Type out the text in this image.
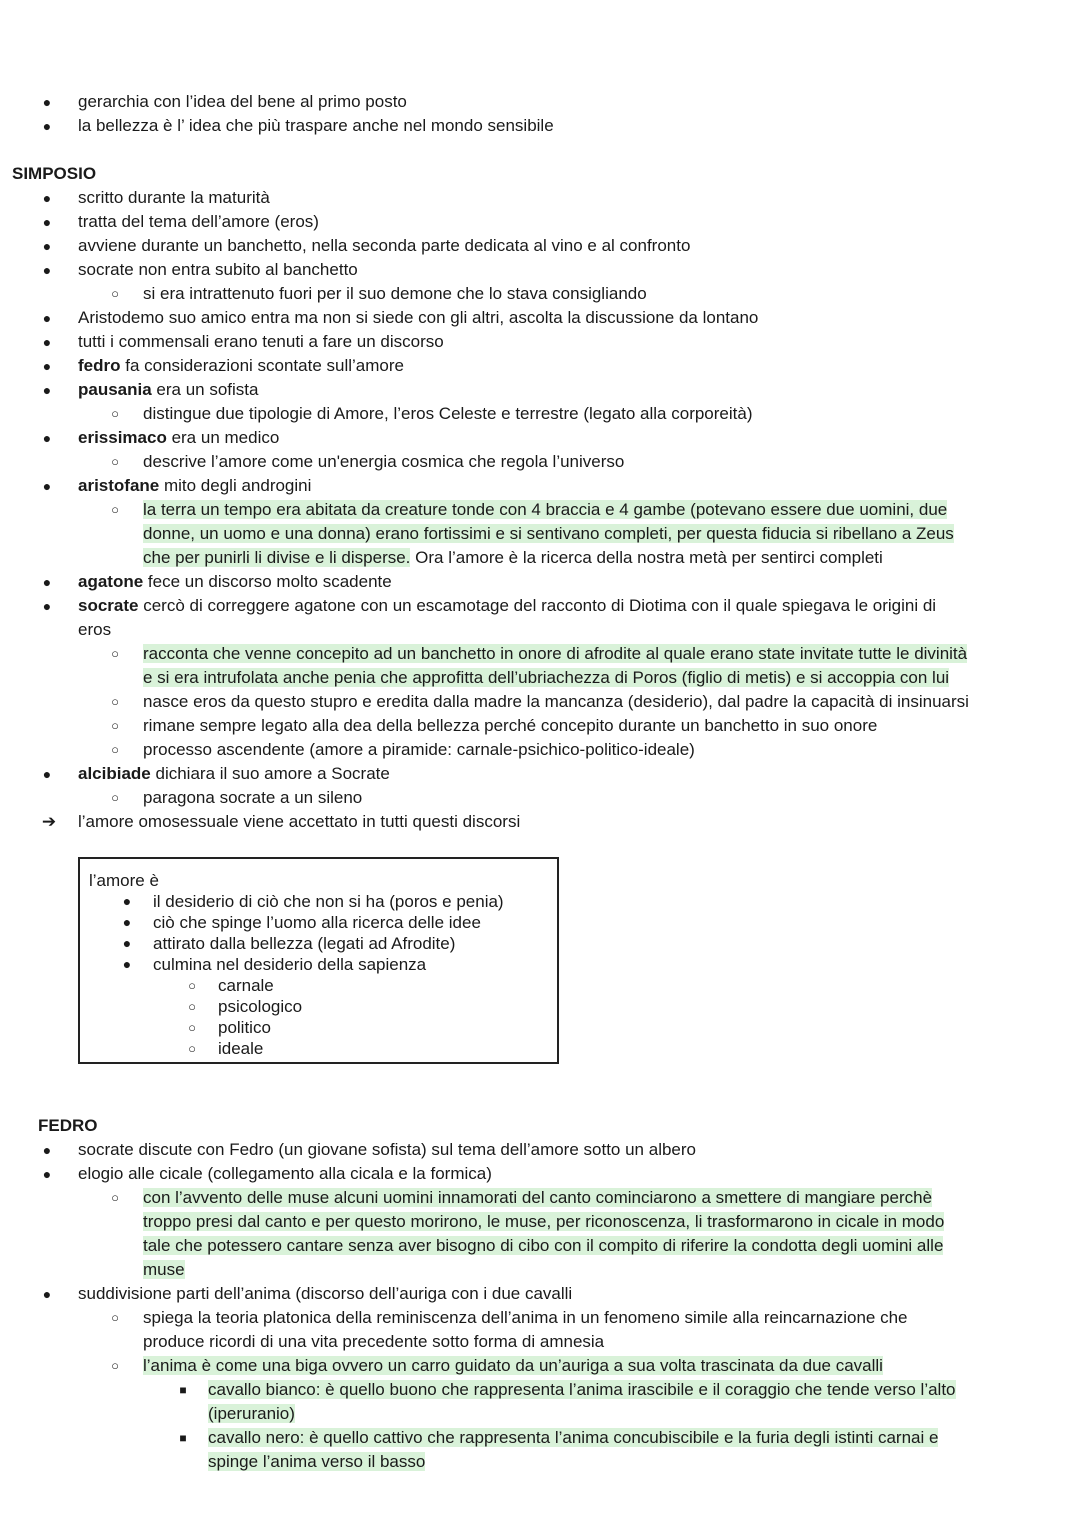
●	gerarchia con l’idea del bene al primo posto
●	la bellezza è l’ idea che più traspare anche nel mondo sensibile
SIMPOSIO
●	scritto durante la maturità
●	tratta del tema dell’amore (eros)
●	avviene durante un banchetto, nella seconda parte dedicata al vino e al confronto
●	socrate non entra subito al banchetto
○	si era intrattenuto fuori per il suo demone che lo stava consigliando
●	Aristodemo suo amico entra ma non si siede con gli altri, ascolta la discussione da lontano
●	tutti i commensali erano tenuti a fare un discorso
●	fedro fa considerazioni scontate sull’amore
●	pausania era un sofista
○	distingue due tipologie di Amore, l’eros Celeste e terrestre (legato alla corporeità)
●	erissimaco era un medico
○	descrive l’amore come un'energia cosmica che regola l’universo
●	aristofane mito degli androgini
○	la terra un tempo era abitata da creature tonde con 4 braccia e 4 gambe (potevano essere due uomini, due
donne, un uomo e una donna) erano fortissimi e si sentivano completi, per questa fiducia si ribellano a Zeus
che per punirli li divise e li disperse. Ora l’amore è la ricerca della nostra metà per sentirci completi
●	agatone fece un discorso molto scadente
●	socrate cercò di correggere agatone con un escamotage del racconto di Diotima con il quale spiegava le origini di
eros
○	racconta che venne concepito ad un banchetto in onore di afrodite al quale erano state invitate tutte le divinità
e si era intrufolata anche penia che approfitta dell’ubriachezza di Poros (figlio di metis) e si accoppia con lui
○	nasce eros da questo stupro e eredita dalla madre la mancanza (desiderio), dal padre la capacità di insinuarsi
○	rimane sempre legato alla dea della bellezza perché concepito durante un banchetto in suo onore
○	processo ascendente (amore a piramide: carnale-psichico-politico-ideale)
●	alcibiade dichiara il suo amore a Socrate
○	paragona socrate a un sileno
➔	l’amore omosessuale viene accettato in tutti questi discorsi
l’amore è
●	il desiderio di ciò che non si ha (poros e penia)
●	ciò che spinge l’uomo alla ricerca delle idee
●	attirato dalla bellezza (legati ad Afrodite)
●	culmina nel desiderio della sapienza
○	carnale
○	psicologico
○	politico
○	ideale
FEDRO
●	socrate discute con Fedro (un giovane sofista) sul tema dell’amore sotto un albero
●	elogio alle cicale (collegamento alla cicala e la formica)
○	con l’avvento delle muse alcuni uomini innamorati del canto cominciarono a smettere di mangiare perchè
troppo presi dal canto e per questo morirono, le muse, per riconoscenza, li trasformarono in cicale in modo
tale che potessero cantare senza aver bisogno di cibo con il compito di riferire la condotta degli uomini alle
muse
●	suddivisione parti dell’anima (discorso dell’auriga con i due cavalli
○	spiega la teoria platonica della reminiscenza dell’anima in un fenomeno simile alla reincarnazione che
produce ricordi di una vita precedente sotto forma di amnesia
○	l’anima è come una biga ovvero un carro guidato da un’auriga a sua volta trascinata da due cavalli
■	cavallo bianco: è quello buono che rappresenta l’anima irascibile e il coraggio che tende verso l’alto
(iperuranio)
■	cavallo nero: è quello cattivo che rappresenta l’anima concubiscibile e la furia degli istinti carnai e
spinge l’anima verso il basso
